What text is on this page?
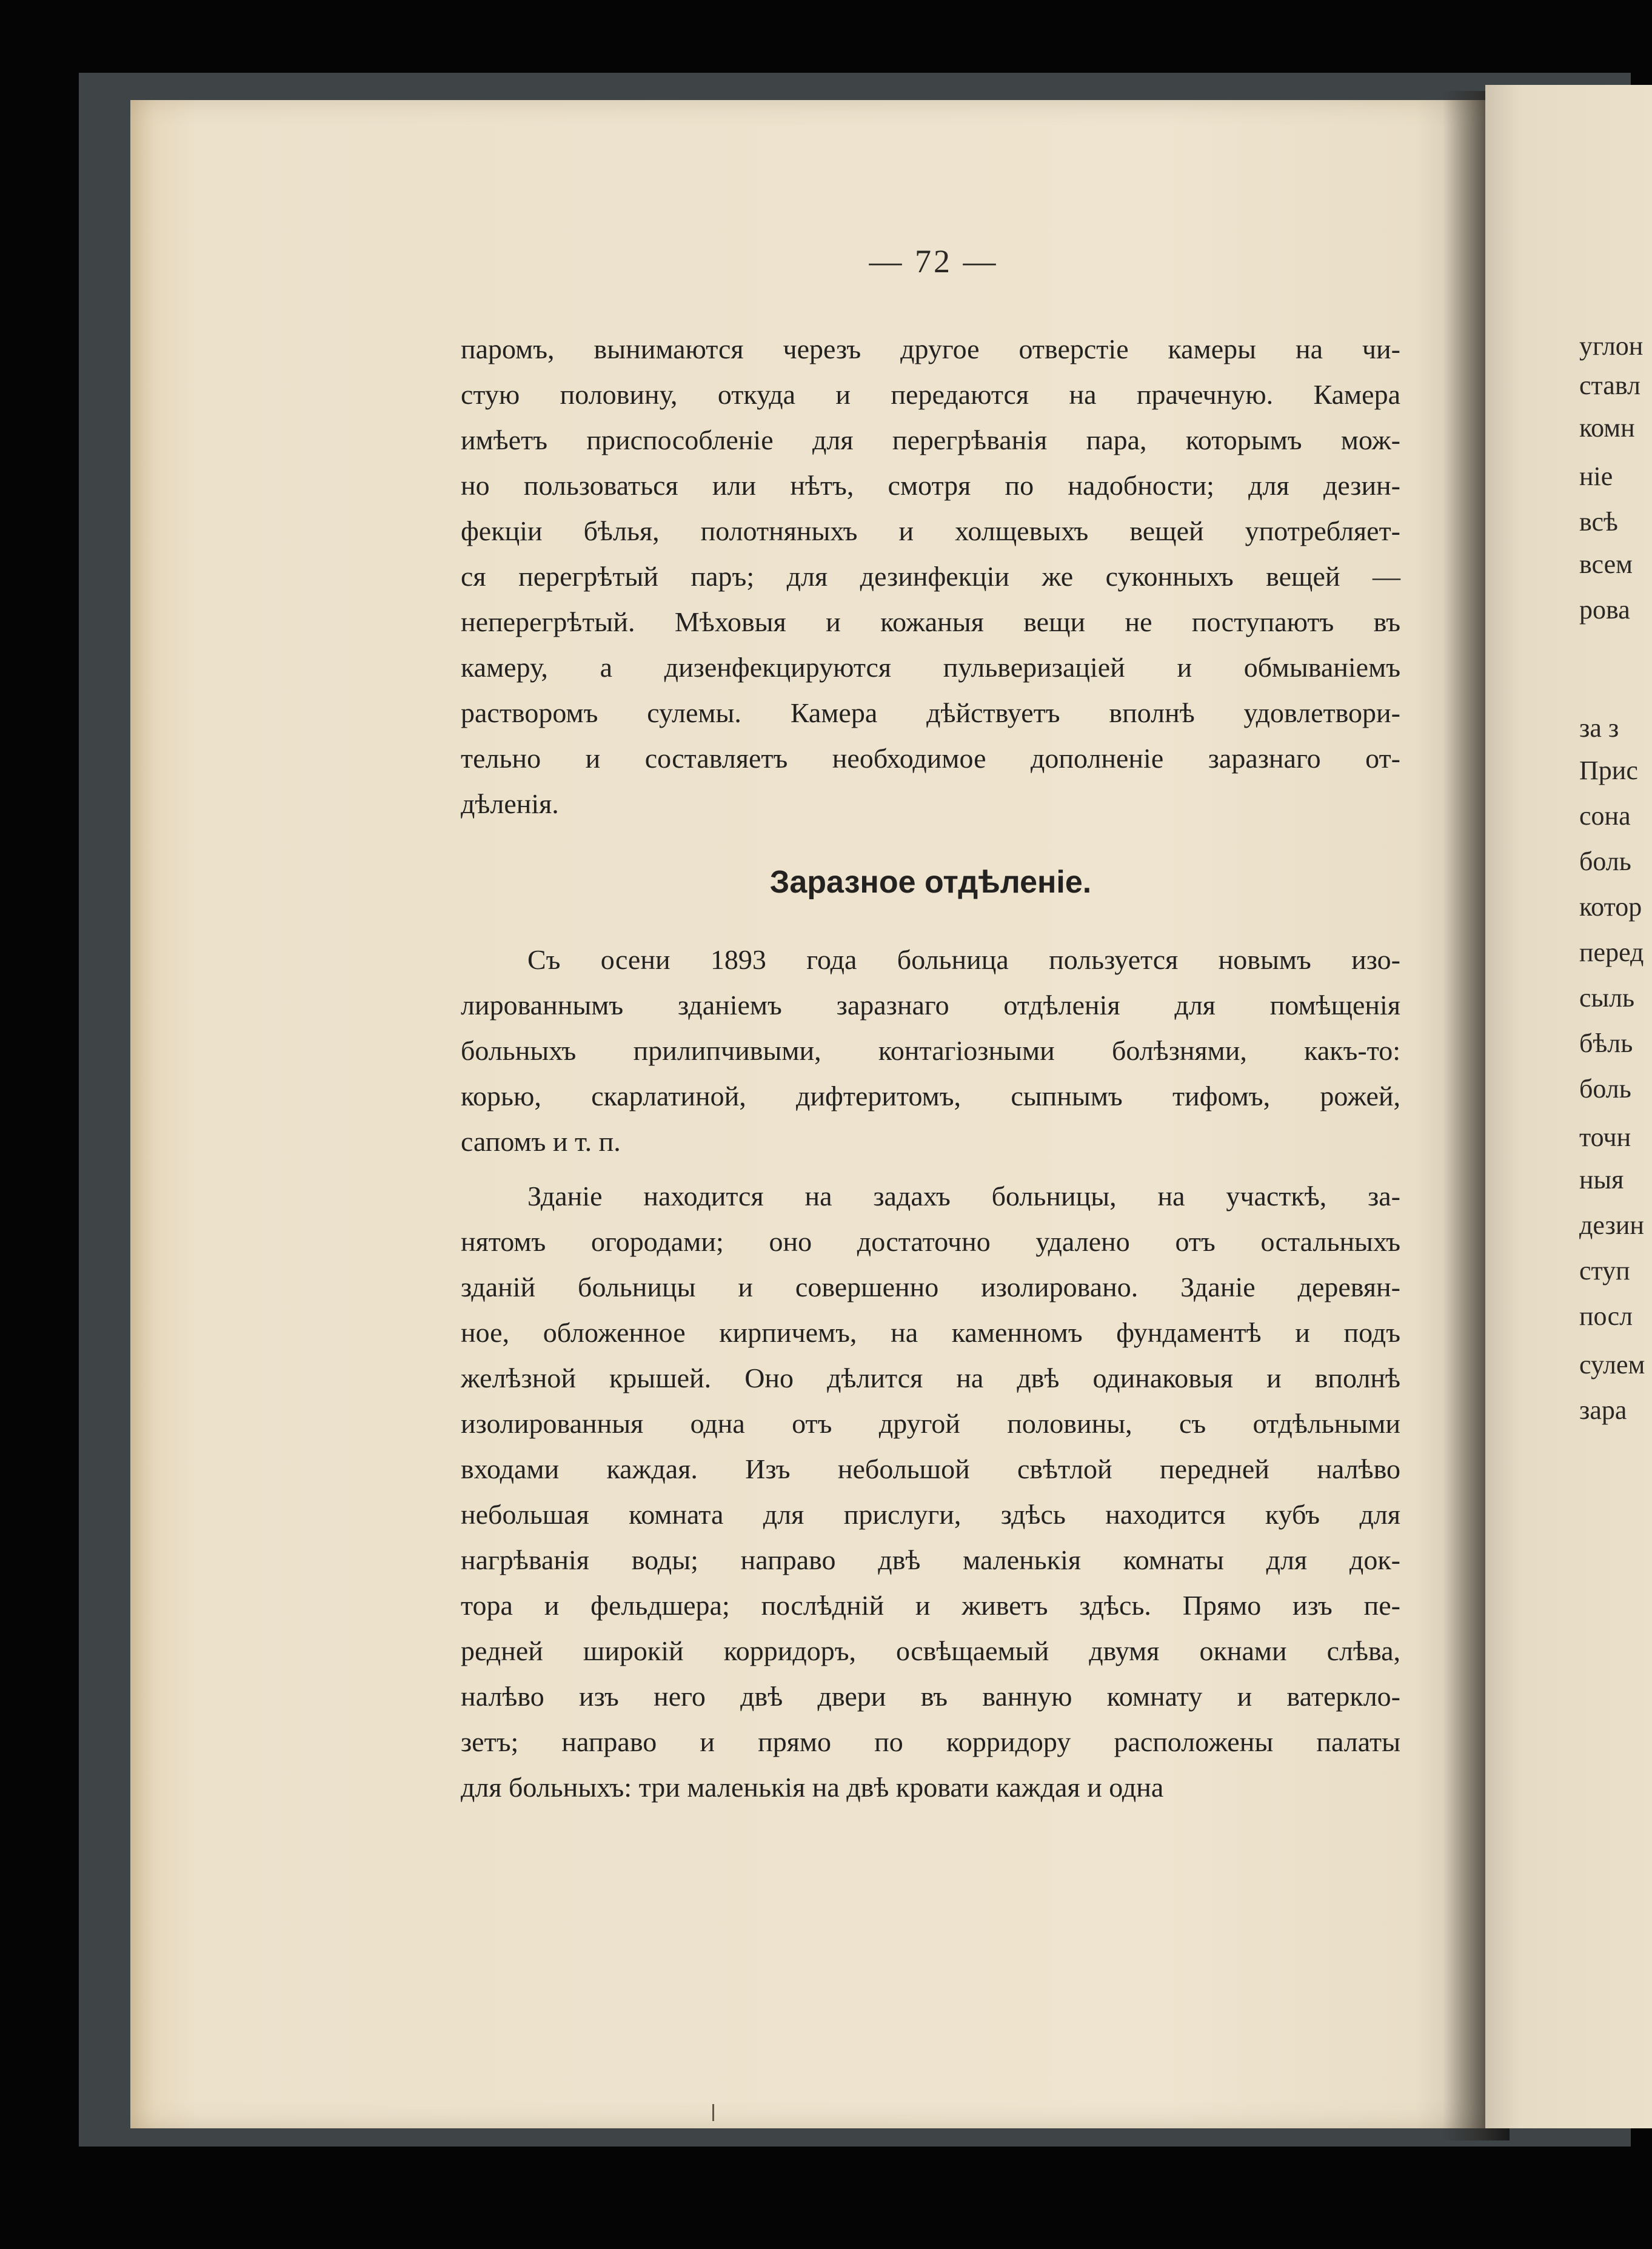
— 72 —
паромъ, вынимаются черезъ другое отверстіе камеры на чи-
стую половину, откуда и передаются на прачечную. Камера
имѣетъ приспособленіе для перегрѣванія пара, которымъ мож-
но пользоваться или нѣтъ, смотря по надобности; для дезин-
фекціи бѣлья, полотняныхъ и холщевыхъ вещей употребляет-
ся перегрѣтый паръ; для дезинфекціи же суконныхъ вещей —
неперегрѣтый. Мѣховыя и кожаныя вещи не поступаютъ въ
камеру, а дизенфекцируются пульверизаціей и обмываніемъ
растворомъ сулемы. Камера дѣйствуетъ вполнѣ удовлетвори-
тельно и составляетъ необходимое дополненіе заразнаго от-
дѣленія.
Заразное отдѣленіе.
Съ осени 1893 года больница пользуется новымъ изо-
лированнымъ зданіемъ заразнаго отдѣленія для помѣщенія
больныхъ прилипчивыми, контагіозными болѣзнями, какъ-то:
корью, скарлатиной, дифтеритомъ, сыпнымъ тифомъ, рожей,
сапомъ и т. п.
Зданіе находится на задахъ больницы, на участкѣ, за-
нятомъ огородами; оно достаточно удалено отъ остальныхъ
зданій больницы и совершенно изолировано. Зданіе деревян-
ное, обложенное кирпичемъ, на каменномъ фундаментѣ и подъ
желѣзной крышей. Оно дѣлится на двѣ одинаковыя и вполнѣ
изолированныя одна отъ другой половины, съ отдѣльными
входами каждая. Изъ небольшой свѣтлой передней налѣво
небольшая комната для прислуги, здѣсь находится кубъ для
нагрѣванія воды; направо двѣ маленькія комнаты для док-
тора и фельдшера; послѣдній и живетъ здѣсь. Прямо изъ пе-
редней широкій корридоръ, освѣщаемый двумя окнами слѣва,
налѣво изъ него двѣ двери въ ванную комнату и ватеркло-
зетъ; направо и прямо по корридору расположены палаты
для больныхъ: три маленькія на двѣ кровати каждая и одна
углон
ставл
комн
ніе
всѣ
всем
рова
за з
Прис
сона
боль
котор
перед
сыль
бѣль
боль
точн
ныя
дезин
ступ
посл
сулем
зара
